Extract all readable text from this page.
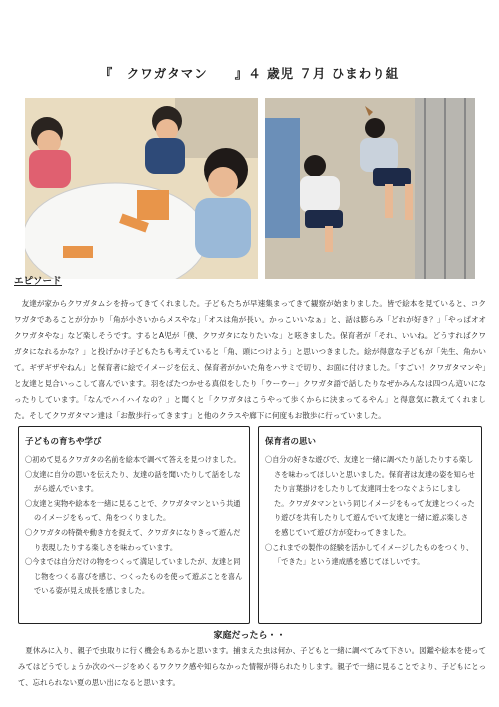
『　クワガタマン　　』４ 歳児 ７月 ひまわり組
エピソード
友達が家からクワガタムシを持ってきてくれました。子どもたちが早速集まってきて観察が始まりました。皆で絵本を見ていると、コクワガタであることが分かり「角が小さいからメスやな」「オスは角が長い。かっこいいなぁ」と、話は膨らみ「どれが好き？」「やっぱオオクワガタやな」など楽しそうです。するとA児が「僕、クワガタになりたいな」と呟きました。保育者が「それ、いいね。どうすればクワガタになれるかな？」と投げかけ子どもたちも考えていると「角、頭につけよう」と思いつきました。絵が得意な子どもが「先生、角かいて。ギザギザやねん」と保育者に絵でイメージを伝え、保育者がかいた角をハサミで切り、お面に付けました。「すごい！クワガタマンや」と友達と見合いっこして喜んでいます。羽をばたつかせる真似をしたり「ウーウー」クワガタ語で話したりなぜかみんなは四つん這いになったりしています。「なんでハイハイなの？」と聞くと「クワガタはこうやって歩くからに決まってるやん」と得意気に教えてくれました。そしてクワガタマン達は「お散歩行ってきます」と他のクラスや廊下に何度もお散歩に行っていました。
子どもの育ちや学び
〇初めて見るクワガタの名前を絵本で調べて答えを見つけました。
〇友達に自分の思いを伝えたり、友達の話を聞いたりして話をしながら遊んでいます。
〇友達と実物や絵本を一緒に見ることで、クワガタマンという共通のイメージをもって、角をつくりました。
〇クワガタの特徴や動き方を捉えて、クワガタになりきって遊んだり表現したりする楽しさを味わっています。
〇今までは自分だけの物をつくって満足していましたが、友達と同じ物をつくる喜びを感じ、つくったものを使って遊ぶことを喜んでいる姿が見え成長を感じました。
保育者の思い
〇自分の好きな遊びで、友達と一緒に調べたり話したりする楽しさを味わってほしいと思いました。保育者は友達の姿を知らせたり言葉掛けをしたりして友達同士をつなぐようにしました。クワガタマンという同じイメージをもって友達とつくったり遊びを共有したりして遊んでいて友達と一緒に遊ぶ楽しさを感じていて遊び方が変わってきました。
〇これまでの製作の経験を活かしてイメージしたものをつくり、「できた」という達成感を感じてほしいです。
家庭だったら・・
夏休みに入り、親子で虫取りに行く機会もあるかと思います。捕まえた虫は何か、子どもと一緒に調べてみて下さい。図鑑や絵本を使ってみてはどうでしょうか次のページをめくるワクワク感や知らなかった情報が得られたりします。親子で一緒に見ることでより、子どもにとって、忘れられない夏の思い出になると思います。
